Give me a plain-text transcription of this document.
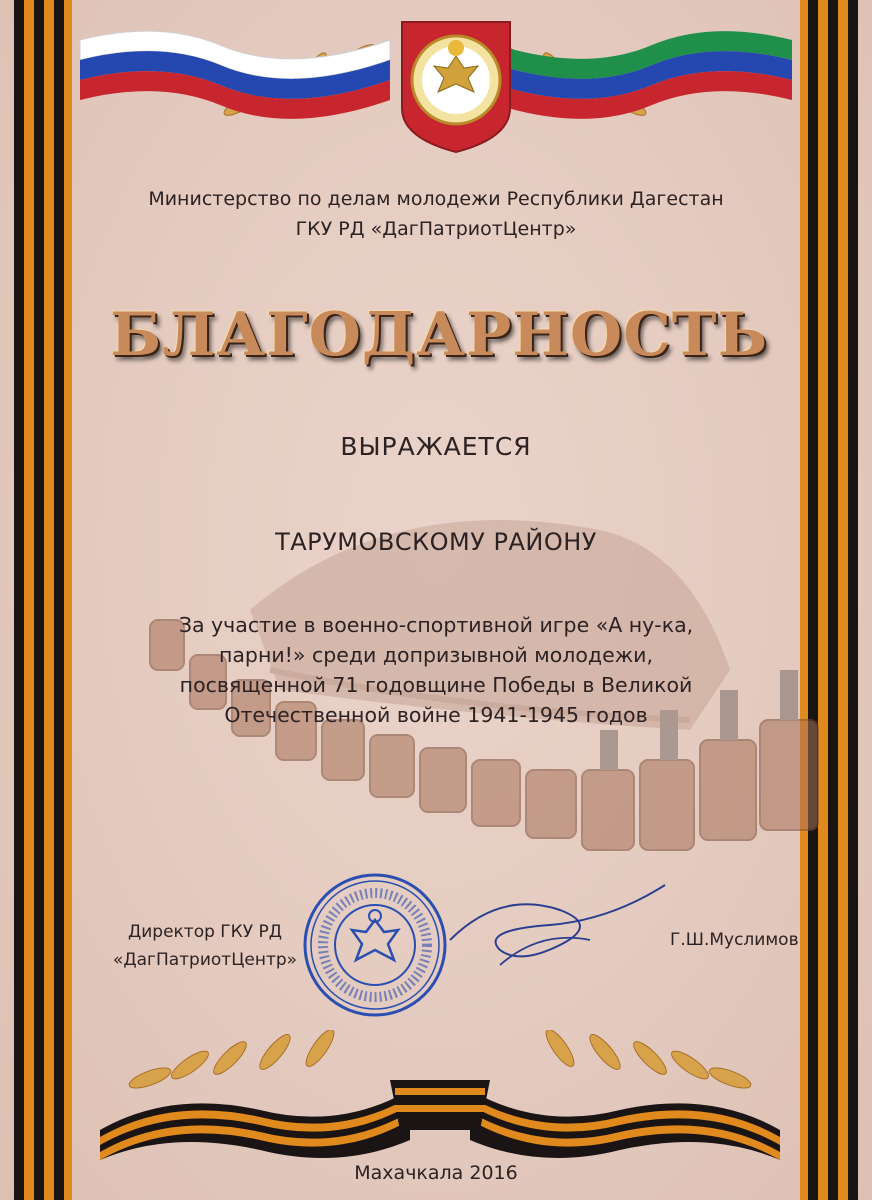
Министерство по делам молодежи Республики Дагестан
ГКУ РД «ДагПатриотЦентр»
БЛАГОДАРНОСТЬ
ВЫРАЖАЕТСЯ
ТАРУМОВСКОМУ РАЙОНУ
За участие в военно-спортивной игре «А ну-ка,
парни!» среди допризывной молодежи,
посвященной 71 годовщине Победы в Великой
Отечественной войне 1941-1945 годов
Директор ГКУ РД
«ДагПатриотЦентр»
Г.Ш.Муслимов
Махачкала 2016
